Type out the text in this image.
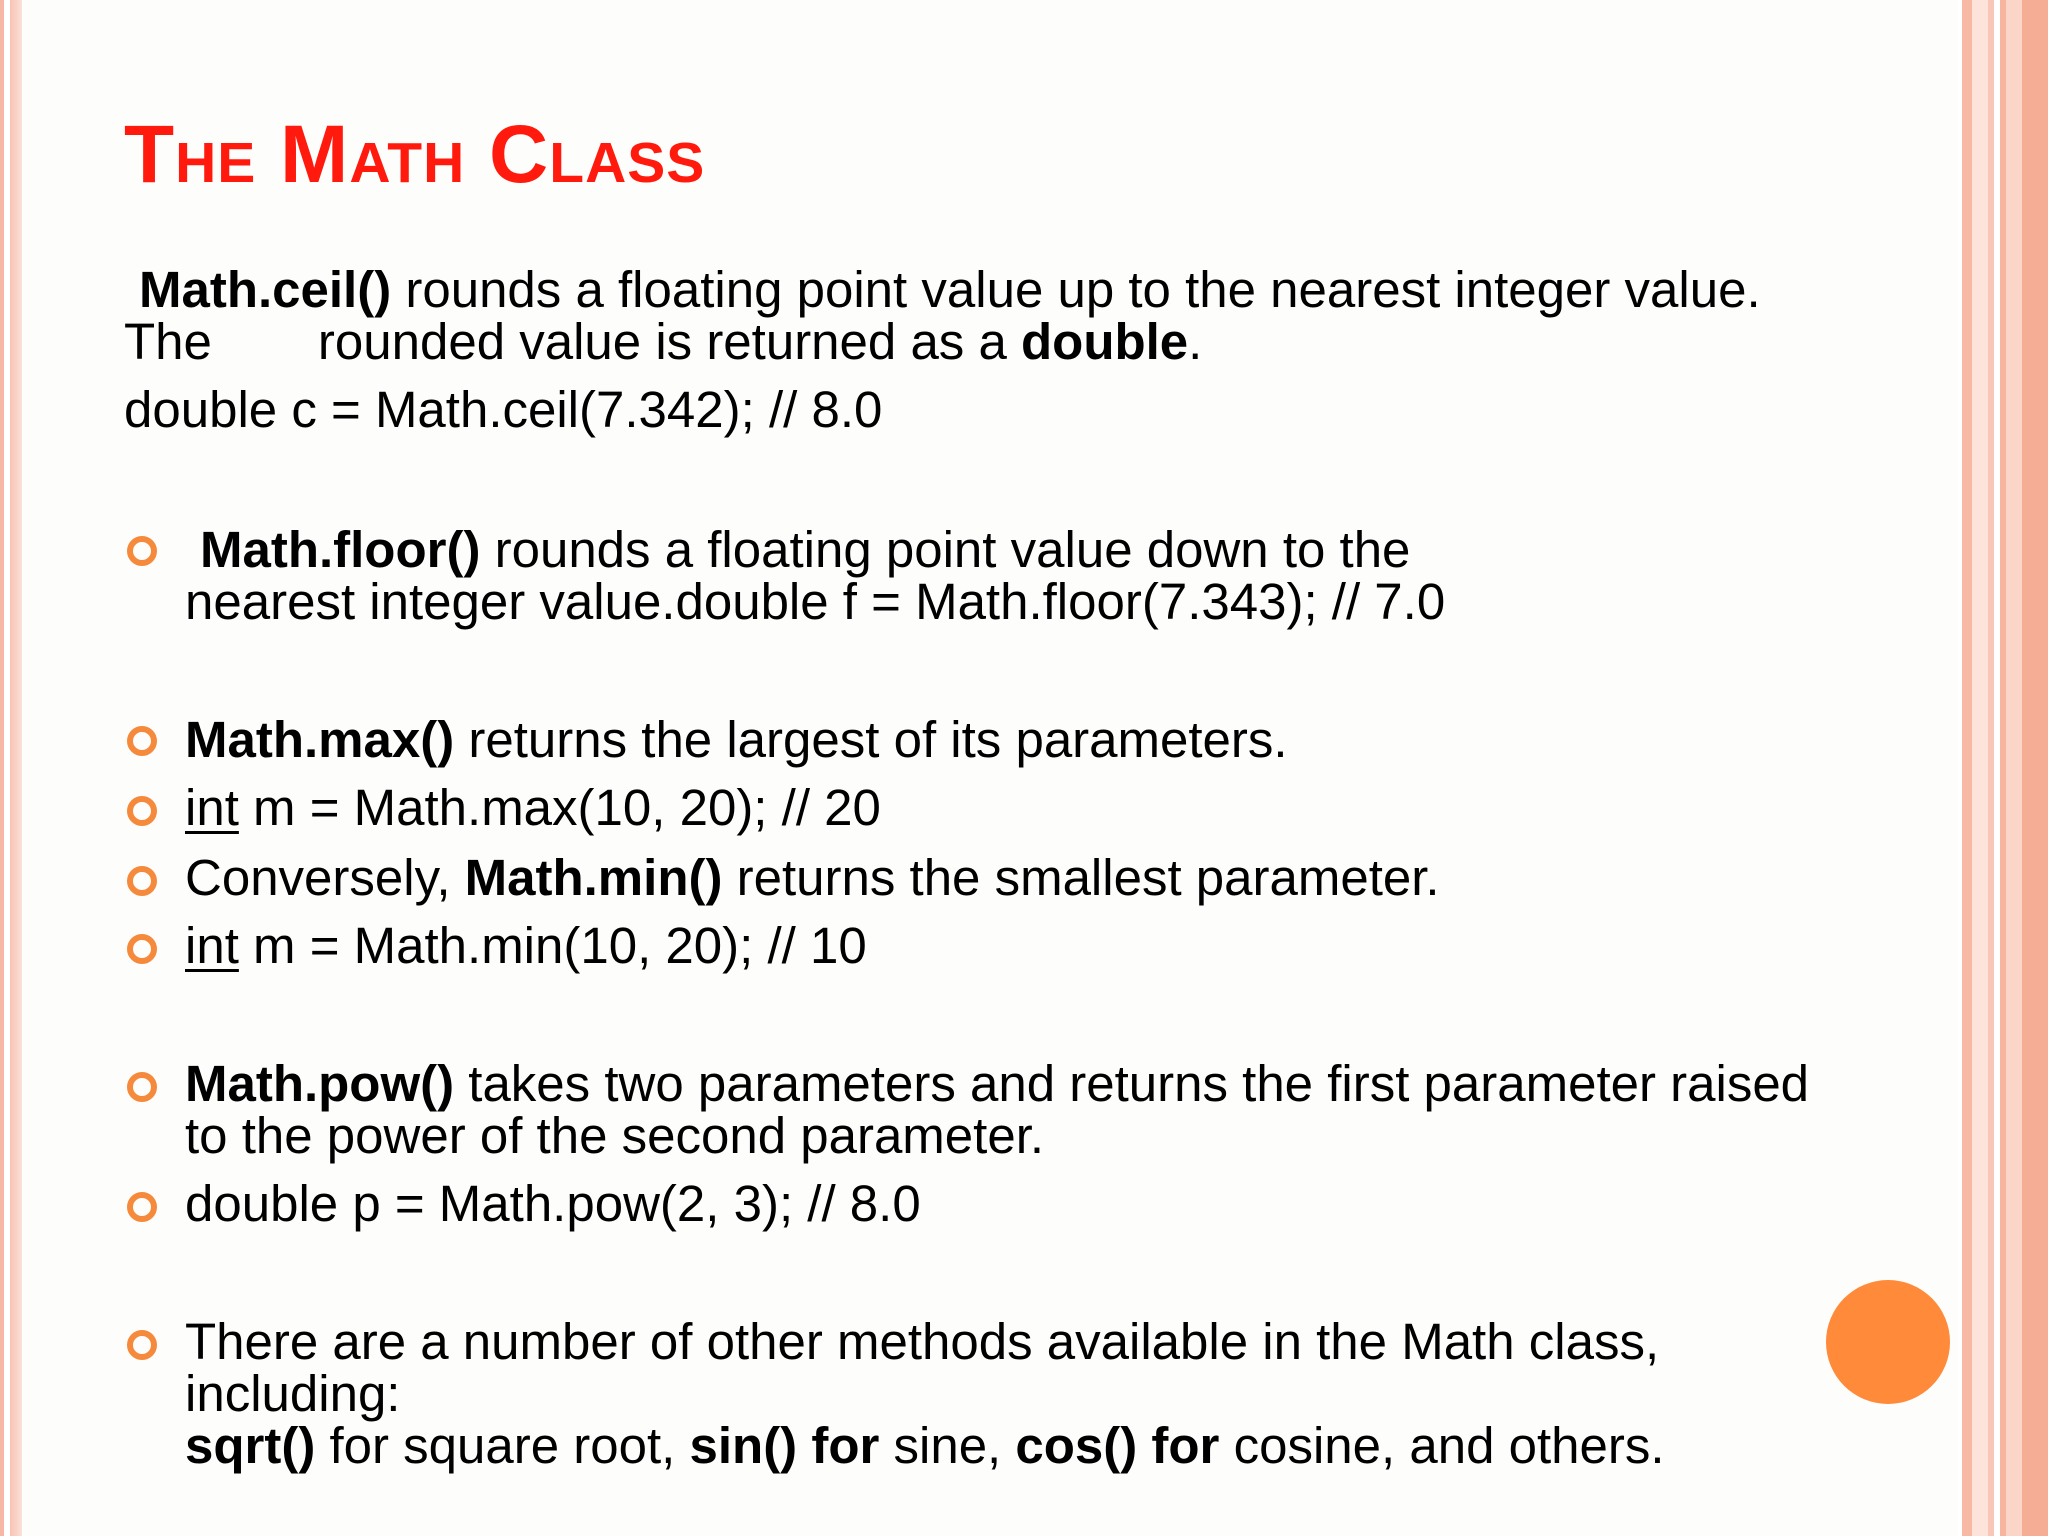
The Math Class
Math.ceil() rounds a floating point value up to the nearest integer value.
The rounded value is returned as a double.
double c = Math.ceil(7.342); // 8.0
Math.floor() rounds a floating point value down to the
nearest integer value.double f = Math.floor(7.343); // 7.0
Math.max() returns the largest of its parameters.
int m = Math.max(10, 20); // 20
Conversely, Math.min() returns the smallest parameter.
int m = Math.min(10, 20); // 10
Math.pow() takes two parameters and returns the first parameter raised
to the power of the second parameter.
double p = Math.pow(2, 3); // 8.0
There are a number of other methods available in the Math class,
including:
sqrt() for square root, sin() for sine, cos() for cosine, and others.
